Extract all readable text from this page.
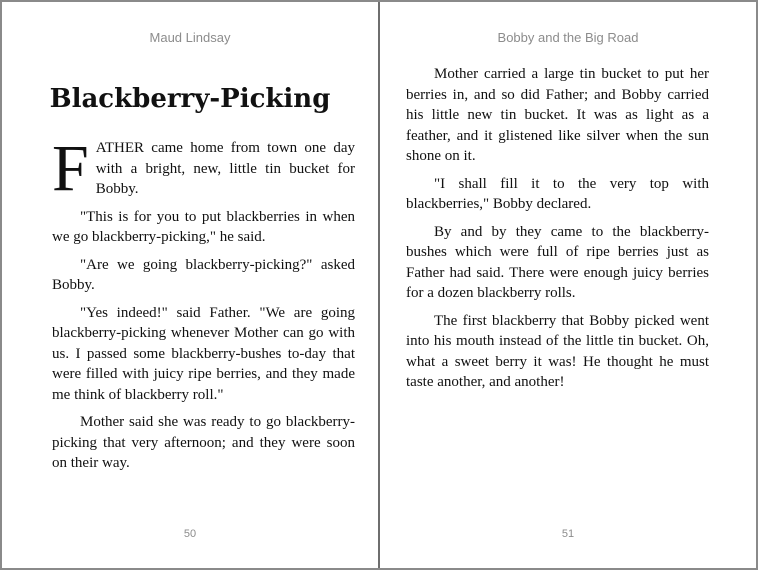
Maud Lindsay
Blackberry-Picking

FATHER came home from town one day with a bright, new, little tin bucket for Bobby.

"This is for you to put blackberries in when we go blackberry-picking," he said.

"Are we going blackberry-picking?" asked Bobby.

"Yes indeed!" said Father. "We are going blackberry-picking whenever Mother can go with us. I passed some blackberry-bushes to-day that were filled with juicy ripe berries, and they made me think of blackberry roll."

Mother said she was ready to go blackberry-picking that very afternoon; and they were soon on their way.

50
Bobby and the Big Road

Mother carried a large tin bucket to put her berries in, and so did Father; and Bobby carried his little new tin bucket. It was as light as a feather, and it glistened like silver when the sun shone on it.

"I shall fill it to the very top with blackberries," Bobby declared.

By and by they came to the blackberry-bushes which were full of ripe berries just as Father had said. There were enough juicy berries for a dozen blackberry rolls.

The first blackberry that Bobby picked went into his mouth instead of the little tin bucket. Oh, what a sweet berry it was! He thought he must taste another, and another!

51
